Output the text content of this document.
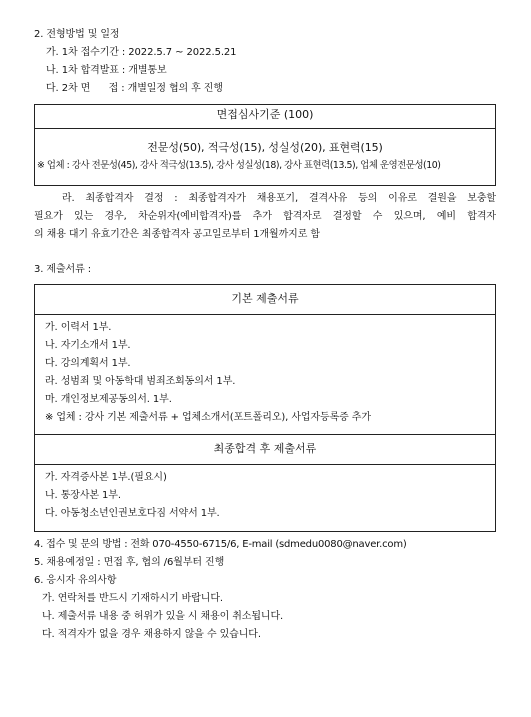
2. 전형방법 및 일정
가. 1차 접수기간 : 2022.5.7 ~ 2022.5.21
나. 1차 합격발표 : 개별통보
다. 2차 면      접 : 개별일정 협의 후 진행
면접심사기준 (100)
전문성(50), 적극성(15), 성실성(20), 표현력(15)
※ 업체 : 강사 전문성(45), 강사 적극성(13.5), 강사 성실성(18), 강사 표현력(13.5), 업체 운영전문성(10)
라. 최종합격자 결정 : 최종합격자가 채용포기, 결격사유 등의 이유로 결원을 보충할
필요가 있는 경우, 차순위자(예비합격자)를 추가 합격자로 결정할 수 있으며, 예비 합격자
의 채용 대기 유효기간은 최종합격자 공고일로부터 1개월까지로 함
3. 제출서류 :
기본 제출서류
가. 이력서 1부.
나. 자기소개서 1부.
다. 강의계획서 1부.
라. 성범죄 및 아동학대 범죄조회동의서 1부.
마. 개인정보제공동의서. 1부.
※ 업체 : 강사 기본 제출서류 + 업체소개서(포트폴리오), 사업자등록증 추가
최종합격 후 제출서류
가. 자격증사본 1부.(필요시)
나. 통장사본 1부.
다. 아동청소년인권보호다짐 서약서 1부.
4. 접수 및 문의 방법 : 전화 070-4550-6715/6, E-mail (sdmedu0080@naver.com)
5. 채용예정일 : 면접 후, 협의 /6월부터 진행
6. 응시자 유의사항
가. 연락처를 반드시 기재하시기 바랍니다.
나. 제출서류 내용 중 허위가 있을 시 채용이 취소됩니다.
다. 적격자가 없을 경우 채용하지 않을 수 있습니다.
